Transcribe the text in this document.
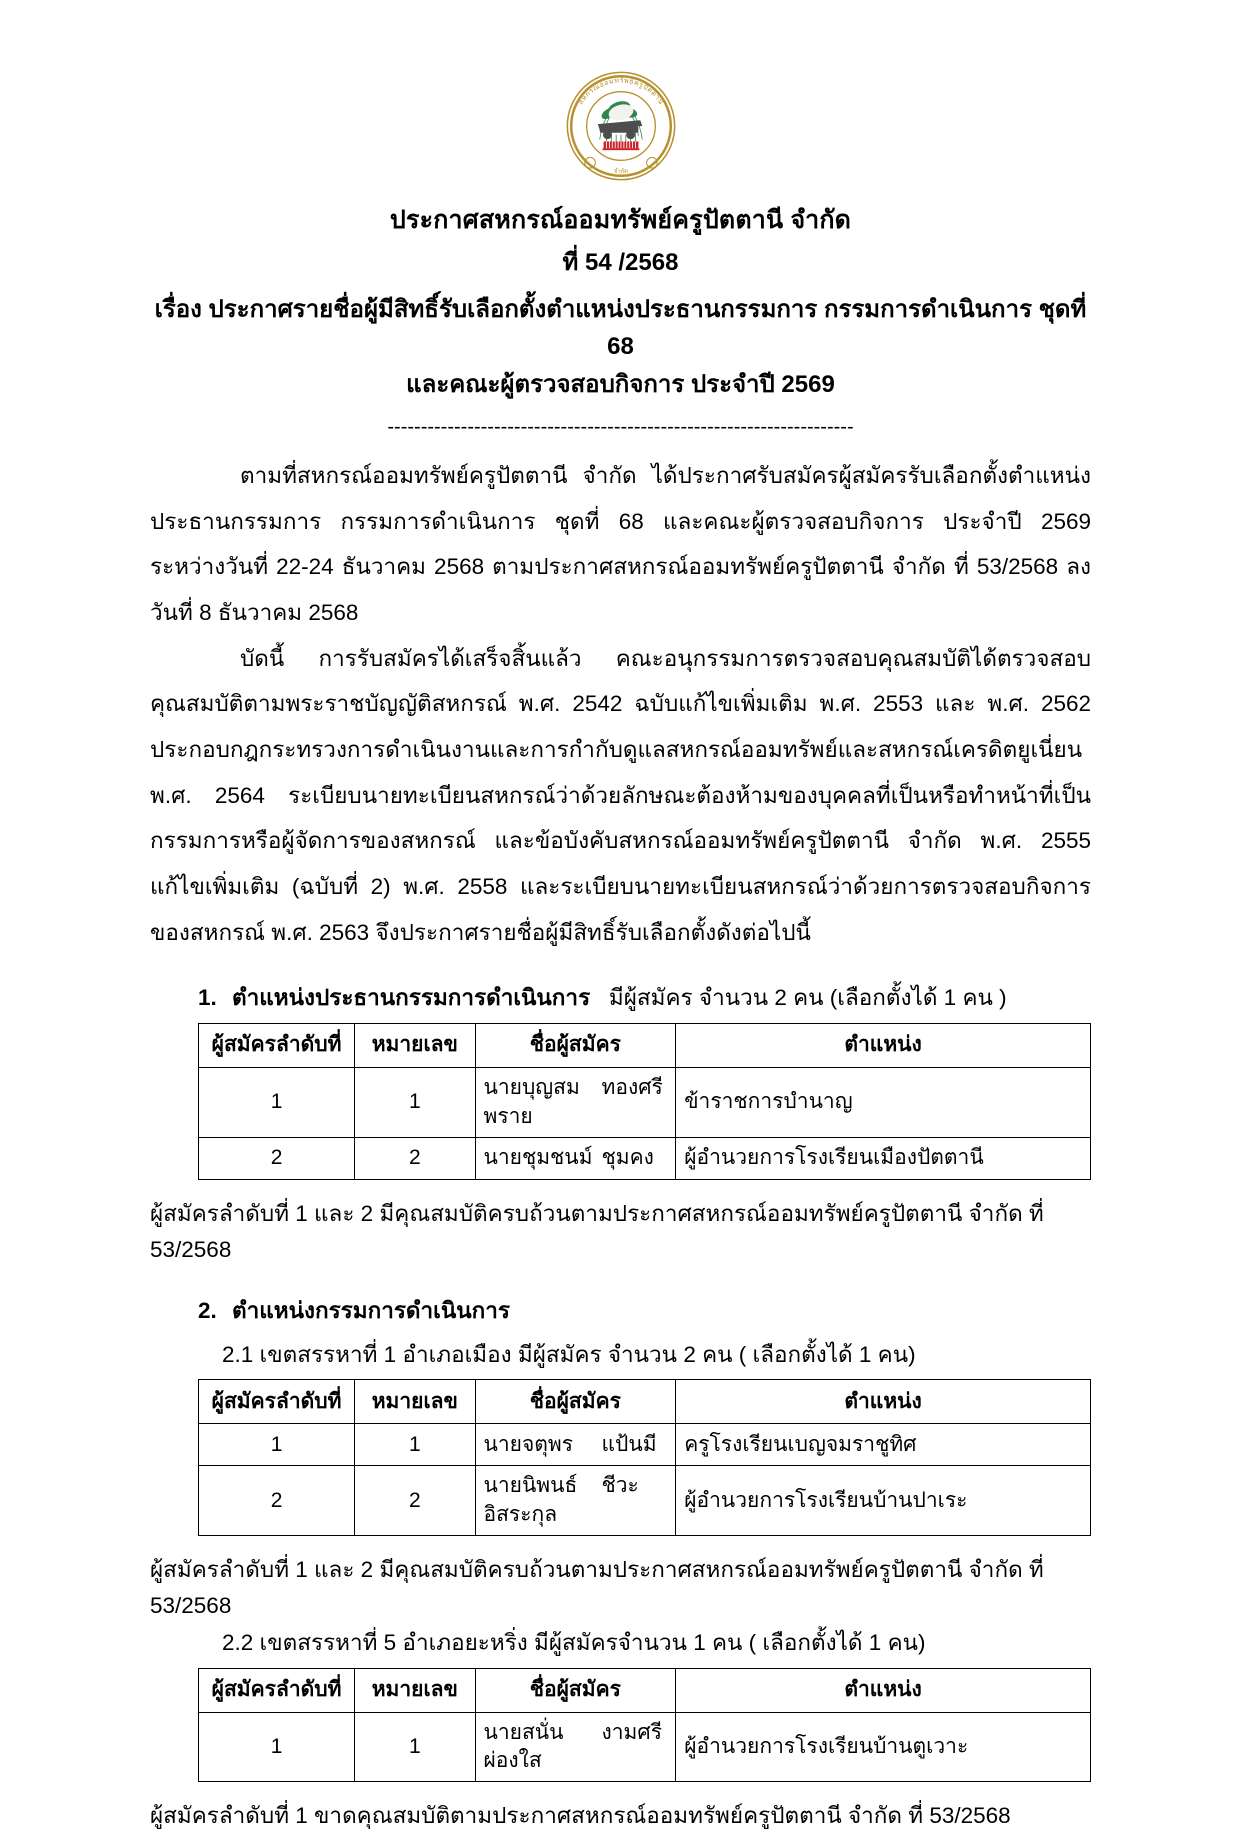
สหกรณ์ออมทรัพย์ครูปัตตานี
จำกัด
ประกาศสหกรณ์ออมทรัพย์ครูปัตตานี จำกัด
ที่ 54 /2568
เรื่อง ประกาศรายชื่อผู้มีสิทธิ์รับเลือกตั้งตำแหน่งประธานกรรมการ กรรมการดำเนินการ ชุดที่ 68
และคณะผู้ตรวจสอบกิจการ ประจำปี 2569
----------------------------------------------------------------------

ตามที่สหกรณ์ออมทรัพย์ครูปัตตานี จำกัด ได้ประกาศรับสมัครผู้สมัครรับเลือกตั้งตำแหน่งประธานกรรมการ กรรมการดำเนินการ ชุดที่ 68 และคณะผู้ตรวจสอบกิจการ ประจำปี 2569 ระหว่างวันที่ 22-24 ธันวาคม 2568 ตามประกาศสหกรณ์ออมทรัพย์ครูปัตตานี จำกัด ที่ 53/2568 ลงวันที่ 8 ธันวาคม 2568

บัดนี้ การรับสมัครได้เสร็จสิ้นแล้ว คณะอนุกรรมการตรวจสอบคุณสมบัติได้ตรวจสอบคุณสมบัติตามพระราชบัญญัติสหกรณ์ พ.ศ. 2542 ฉบับแก้ไขเพิ่มเติม พ.ศ. 2553 และ พ.ศ. 2562 ประกอบกฎกระทรวงการดำเนินงานและการกำกับดูแลสหกรณ์ออมทรัพย์และสหกรณ์เครดิตยูเนี่ยน พ.ศ. 2564 ระเบียบนายทะเบียนสหกรณ์ว่าด้วยลักษณะต้องห้ามของบุคคลที่เป็นหรือทำหน้าที่เป็นกรรมการหรือผู้จัดการของสหกรณ์ และข้อบังคับสหกรณ์ออมทรัพย์ครูปัตตานี จำกัด พ.ศ. 2555 แก้ไขเพิ่มเติม (ฉบับที่ 2) พ.ศ. 2558 และระเบียบนายทะเบียนสหกรณ์ว่าด้วยการตรวจสอบกิจการของสหกรณ์ พ.ศ. 2563 จึงประกาศรายชื่อผู้มีสิทธิ์รับเลือกตั้งดังต่อไปนี้

1. ตำแหน่งประธานกรรมการดำเนินการ มีผู้สมัคร จำนวน 2 คน (เลือกตั้งได้ 1 คน )
ผู้สมัครลำดับที่	หมายเลข	ชื่อผู้สมัคร	ตำแหน่ง
1	1	นายบุญสม ทองศรีพราย	ข้าราชการบำนาญ
2	2	นายชุมชนม์ ชุมคง	ผู้อำนวยการโรงเรียนเมืองปัตตานี

ผู้สมัครลำดับที่ 1 และ 2 มีคุณสมบัติครบถ้วนตามประกาศสหกรณ์ออมทรัพย์ครูปัตตานี จำกัด ที่ 53/2568

2. ตำแหน่งกรรมการดำเนินการ
2.1 เขตสรรหาที่ 1 อำเภอเมือง มีผู้สมัคร จำนวน 2 คน ( เลือกตั้งได้ 1 คน)
ผู้สมัครลำดับที่	หมายเลข	ชื่อผู้สมัคร	ตำแหน่ง
1	1	นายจตุพร แป้นมี	ครูโรงเรียนเบญจมราชูทิศ
2	2	นายนิพนธ์ ชีวะอิสระกุล	ผู้อำนวยการโรงเรียนบ้านปาเระ

ผู้สมัครลำดับที่ 1 และ 2 มีคุณสมบัติครบถ้วนตามประกาศสหกรณ์ออมทรัพย์ครูปัตตานี จำกัด ที่ 53/2568

2.2 เขตสรรหาที่ 5 อำเภอยะหริ่ง มีผู้สมัครจำนวน 1 คน ( เลือกตั้งได้ 1 คน)
ผู้สมัครลำดับที่	หมายเลข	ชื่อผู้สมัคร	ตำแหน่ง
1	1	นายสนั่น งามศรีผ่องใส	ผู้อำนวยการโรงเรียนบ้านตูเวาะ

ผู้สมัครลำดับที่ 1 ขาดคุณสมบัติตามประกาศสหกรณ์ออมทรัพย์ครูปัตตานี จำกัด ที่ 53/2568
